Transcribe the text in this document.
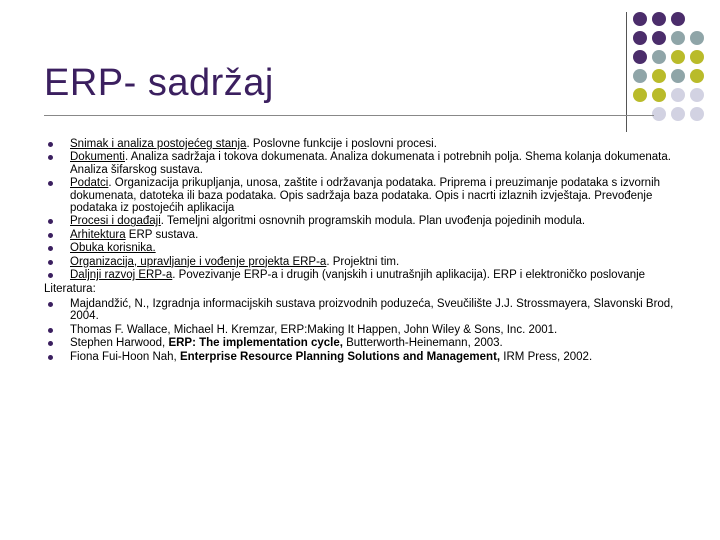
ERP- sadržaj
Snimak i analiza postojećeg stanja. Poslovne funkcije i poslovni procesi.
Dokumenti. Analiza sadržaja i tokova dokumenata. Analiza dokumenata i potrebnih polja. Shema kolanja dokumenata. Analiza šifarskog sustava.
Podatci. Organizacija prikupljanja, unosa, zaštite i održavanja podataka. Priprema i preuzimanje podataka s izvornih dokumenata, datoteka ili baza podataka. Opis sadržaja baza podataka. Opis i nacrti izlaznih izvještaja. Prevođenje podataka iz postojećih aplikacija
Procesi i događaji. Temeljni algoritmi osnovnih programskih modula. Plan uvođenja pojedinih modula.
Arhitektura ERP sustava.
Obuka korisnika.
Organizacija, upravljanje i vođenje projekta ERP-a. Projektni tim.
Daljnji razvoj ERP-a. Povezivanje ERP-a i drugih (vanjskih i unutrašnjih aplikacija). ERP i elektroničko poslovanje
Literatura:
Majdandžić, N., Izgradnja informacijskih sustava proizvodnih poduzeća, Sveučilište J.J. Strossmayera, Slavonski Brod, 2004.
Thomas F. Wallace, Michael H. Kremzar, ERP:Making It Happen, John Wiley & Sons, Inc. 2001.
Stephen Harwood, ERP: The implementation cycle, Butterworth-Heinemann, 2003.
Fiona Fui-Hoon Nah, Enterprise Resource Planning Solutions and Management, IRM Press, 2002.
